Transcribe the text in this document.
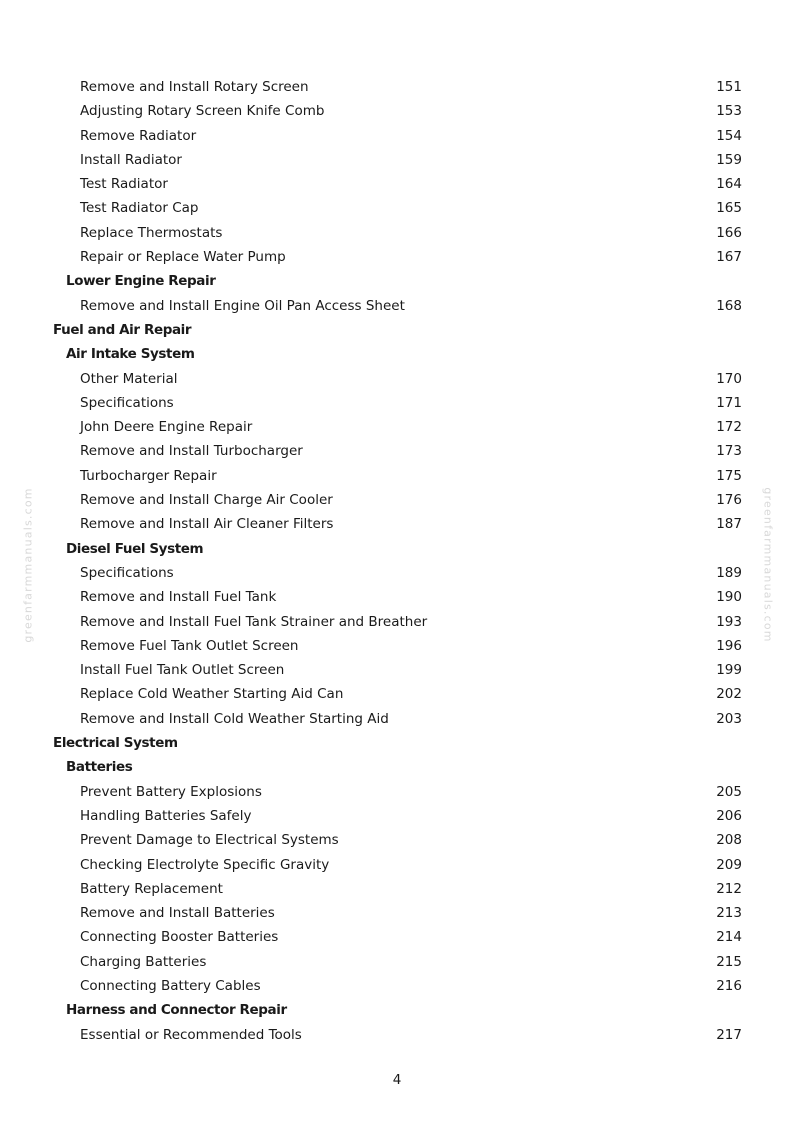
greenfarmmanuals.com	greenfarmmanuals.com
Remove and Install Rotary Screen	151
Adjusting Rotary Screen Knife Comb	153
Remove Radiator	154
Install Radiator	159
Test Radiator	164
Test Radiator Cap	165
Replace Thermostats	166
Repair or Replace Water Pump	167
Lower Engine Repair
Remove and Install Engine Oil Pan Access Sheet	168
Fuel and Air Repair
Air Intake System
Other Material	170
Specifications	171
John Deere Engine Repair	172
Remove and Install Turbocharger	173
Turbocharger Repair	175
Remove and Install Charge Air Cooler	176
Remove and Install Air Cleaner Filters	187
Diesel Fuel System
Specifications	189
Remove and Install Fuel Tank	190
Remove and Install Fuel Tank Strainer and Breather	193
Remove Fuel Tank Outlet Screen	196
Install Fuel Tank Outlet Screen	199
Replace Cold Weather Starting Aid Can	202
Remove and Install Cold Weather Starting Aid	203
Electrical System
Batteries
Prevent Battery Explosions	205
Handling Batteries Safely	206
Prevent Damage to Electrical Systems	208
Checking Electrolyte Specific Gravity	209
Battery Replacement	212
Remove and Install Batteries	213
Connecting Booster Batteries	214
Charging Batteries	215
Connecting Battery Cables	216
Harness and Connector Repair
Essential or Recommended Tools	217
4
